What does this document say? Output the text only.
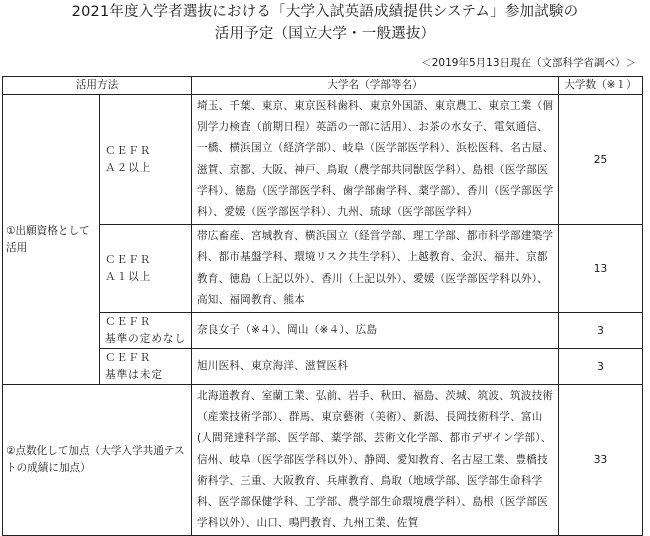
2021年度入学者選抜における「大学入試英語成績提供システム」参加試験の
活用予定（国立大学・一般選抜）
＜2019年5月13日現在（文部科学省調べ）＞
活用方法		大学名（学部等名）	大学数（※１）
①出願資格として活用	ＣＥＦＲ
Ａ２以上	埼玉、千葉、東京、東京医科歯科、東京外国語、東京農工、東京工業（個別学力検査（前期日程）英語の一部に活用）、お茶の水女子、電気通信、一橋、横浜国立（経済学部）、岐阜（医学部医学科）、浜松医科、名古屋、滋賀、京都、大阪、神戸、鳥取（農学部共同獣医学科）、島根（医学部医学科）、徳島（医学部医学科、歯学部歯学科、薬学部）、香川（医学部医学科）、愛媛（医学部医学科）、九州、琉球（医学部医学科）	25
	ＣＥＦＲ
Ａ１以上	帯広畜産、宮城教育、横浜国立（経営学部、理工学部、都市科学部建築学科、都市基盤学科、環境リスク共生学科）、上越教育、金沢、福井、京都教育、徳島（上記以外）、香川（上記以外）、愛媛（医学部医学科以外）、高知、福岡教育、熊本	13
	ＣＥＦＲ
基準の定めなし	奈良女子（※４）、岡山（※４）、広島	3
	ＣＥＦＲ
基準は未定	旭川医科、東京海洋、滋賀医科	3
②点数化して加点（大学入学共通テストの成績に加点）		北海道教育、室蘭工業、弘前、岩手、秋田、福島、茨城、筑波、筑波技術（産業技術学部）、群馬、東京藝術（美術）、新潟、長岡技術科学、富山(人間発達科学部、医学部、薬学部、芸術文化学部、都市デザイン学部）、信州、岐阜（医学部医学科以外）、静岡、愛知教育、名古屋工業、豊橋技術科学、三重、大阪教育、兵庫教育、鳥取（地域学部、医学部生命科学科、医学部保健学科、工学部、農学部生命環境農学科）、島根（医学部医学科以外）、山口、鳴門教育、九州工業、佐賀	33
